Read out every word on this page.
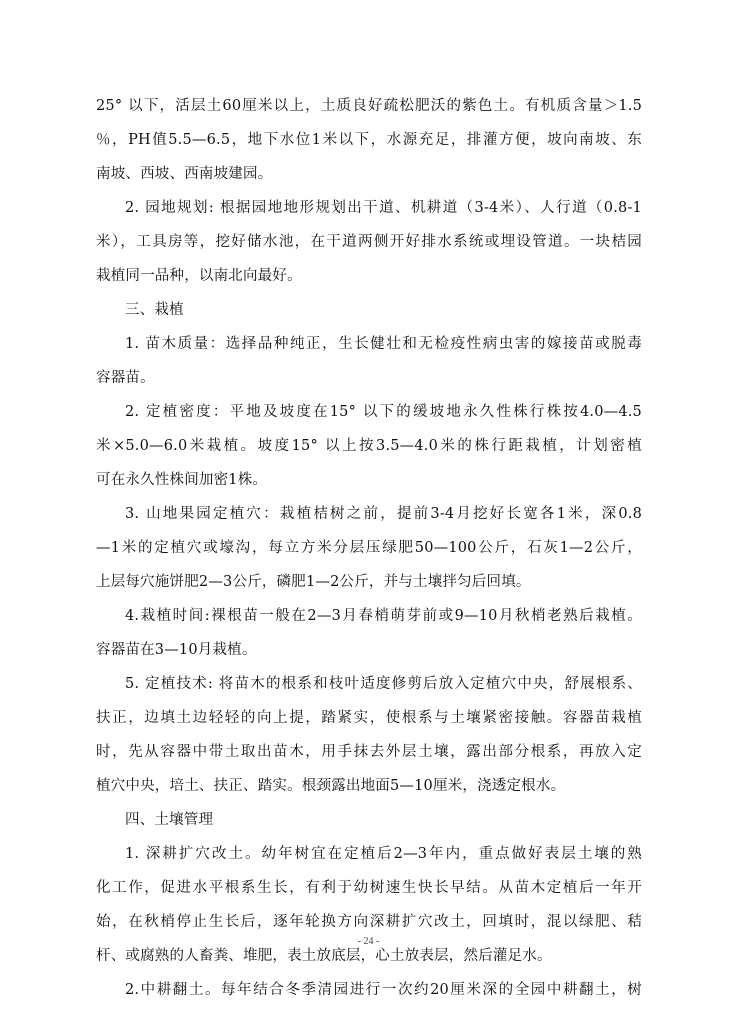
25° 以下，活层土60厘米以上，土质良好疏松肥沃的紫色土。有机质含量＞1.5
％，PH值5.5—6.5，地下水位1米以下，水源充足，排灌方便，坡向南坡、东
南坡、西坡、西南坡建园。
2. 园地规划: 根据园地地形规划出干道、机耕道（3-4米）、人行道（0.8-1
米），工具房等，挖好储水池，在干道两侧开好排水系统或埋设管道。一块桔园
栽植同一品种，以南北向最好。
三、栽植
1. 苗木质量：选择品种纯正，生长健壮和无检疫性病虫害的嫁接苗或脱毒
容器苗。
2. 定植密度：平地及坡度在15° 以下的缓坡地永久性株行株按4.0—4.5
米×5.0—6.0米栽植。坡度15° 以上按3.5—4.0米的株行距栽植，计划密植
可在永久性株间加密1株。
3. 山地果园定植穴：栽植桔树之前，提前3-4月挖好长宽各1米，深0.8
—1米的定植穴或壕沟，每立方米分层压绿肥50—100公斤，石灰1—2公斤，
上层每穴施饼肥2—3公斤，磷肥1—2公斤，并与土壤拌匀后回填。
4.栽植时间:裸根苗一般在2—3月春梢萌芽前或9—10月秋梢老熟后栽植。
容器苗在3—10月栽植。
5. 定植技术: 将苗木的根系和枝叶适度修剪后放入定植穴中央，舒展根系、
扶正，边填土边轻轻的向上提，踏紧实，使根系与土壤紧密接触。容器苗栽植
时，先从容器中带土取出苗木，用手抹去外层土壤，露出部分根系，再放入定
植穴中央，培土、扶正、踏实。根颈露出地面5—10厘米，浇透定根水。
四、土壤管理
1. 深耕扩穴改土。幼年树宜在定植后2—3年内，重点做好表层土壤的熟
化工作，促进水平根系生长，有利于幼树速生快长早结。从苗木定植后一年开
始，在秋梢停止生长后，逐年轮换方向深耕扩穴改土，回填时，混以绿肥、秸
杆、或腐熟的人畜粪、堆肥，表土放底层，心土放表层，然后灌足水。
2.中耕翻土。每年结合冬季清园进行一次约20厘米深的全园中耕翻土，树
- 24 -
